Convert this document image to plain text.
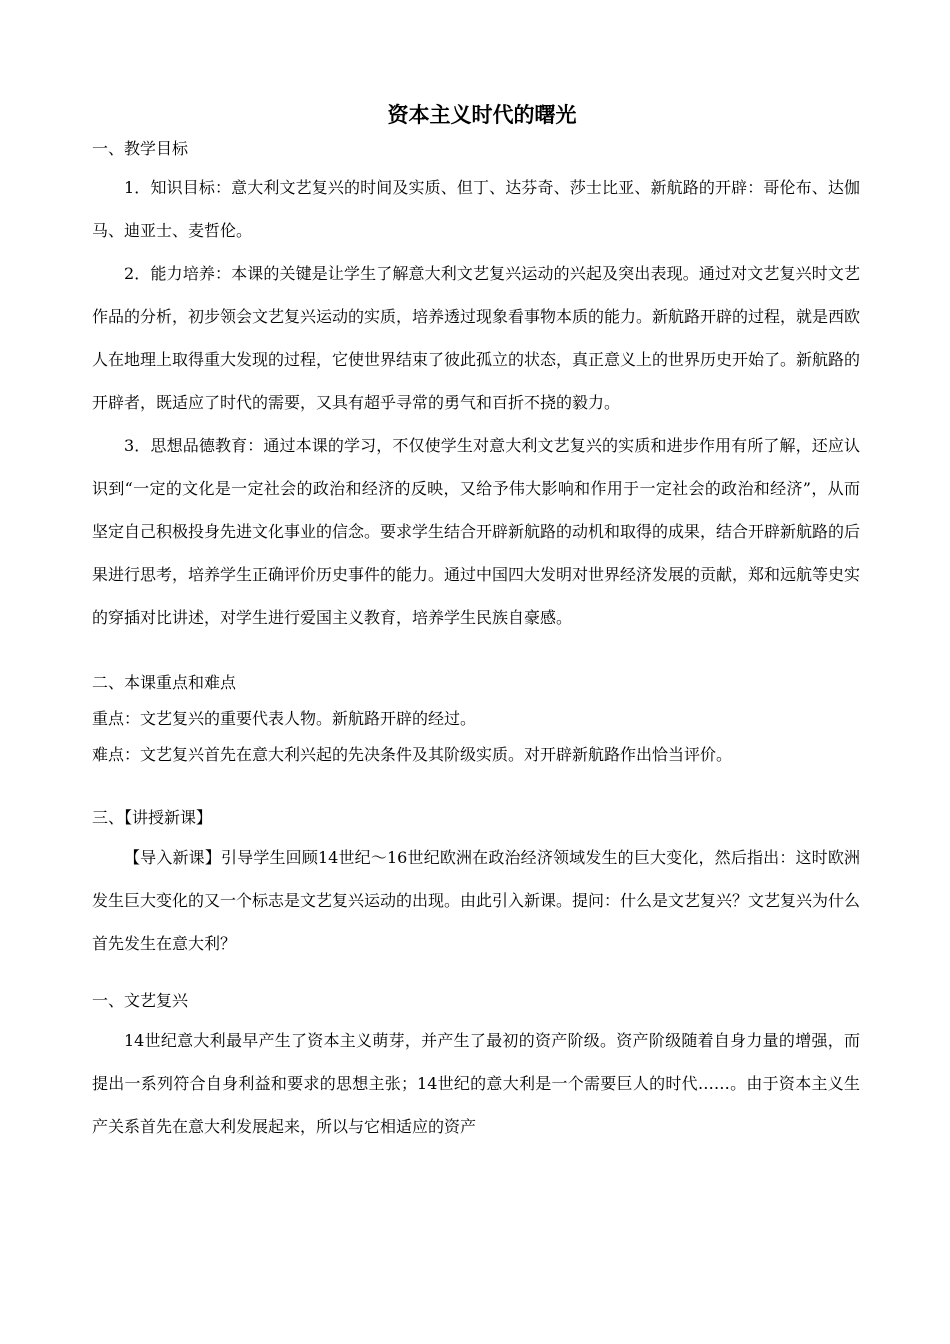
资本主义时代的曙光

一、教学目标

1．知识目标：意大利文艺复兴的时间及实质、但丁、达芬奇、莎士比亚、新航路的开辟：哥伦布、达伽马、迪亚士、麦哲伦。

2．能力培养：本课的关键是让学生了解意大利文艺复兴运动的兴起及突出表现。通过对文艺复兴时文艺作品的分析，初步领会文艺复兴运动的实质，培养透过现象看事物本质的能力。新航路开辟的过程，就是西欧人在地理上取得重大发现的过程，它使世界结束了彼此孤立的状态，真正意义上的世界历史开始了。新航路的开辟者，既适应了时代的需要，又具有超乎寻常的勇气和百折不挠的毅力。

3．思想品德教育：通过本课的学习，不仅使学生对意大利文艺复兴的实质和进步作用有所了解，还应认识到“一定的文化是一定社会的政治和经济的反映，又给予伟大影响和作用于一定社会的政治和经济”，从而坚定自己积极投身先进文化事业的信念。要求学生结合开辟新航路的动机和取得的成果，结合开辟新航路的后果进行思考，培养学生正确评价历史事件的能力。通过中国四大发明对世界经济发展的贡献，郑和远航等史实的穿插对比讲述，对学生进行爱国主义教育，培养学生民族自豪感。

二、本课重点和难点

重点：文艺复兴的重要代表人物。新航路开辟的经过。

难点：文艺复兴首先在意大利兴起的先决条件及其阶级实质。对开辟新航路作出恰当评价。

三、【讲授新课】

【导入新课】引导学生回顾14世纪～16世纪欧洲在政治经济领域发生的巨大变化，然后指出：这时欧洲发生巨大变化的又一个标志是文艺复兴运动的出现。由此引入新课。提问：什么是文艺复兴？文艺复兴为什么首先发生在意大利？

一、文艺复兴

14世纪意大利最早产生了资本主义萌芽，并产生了最初的资产阶级。资产阶级随着自身力量的增强，而提出一系列符合自身利益和要求的思想主张；14世纪的意大利是一个需要巨人的时代……。由于资本主义生产关系首先在意大利发展起来，所以与它相适应的资产
